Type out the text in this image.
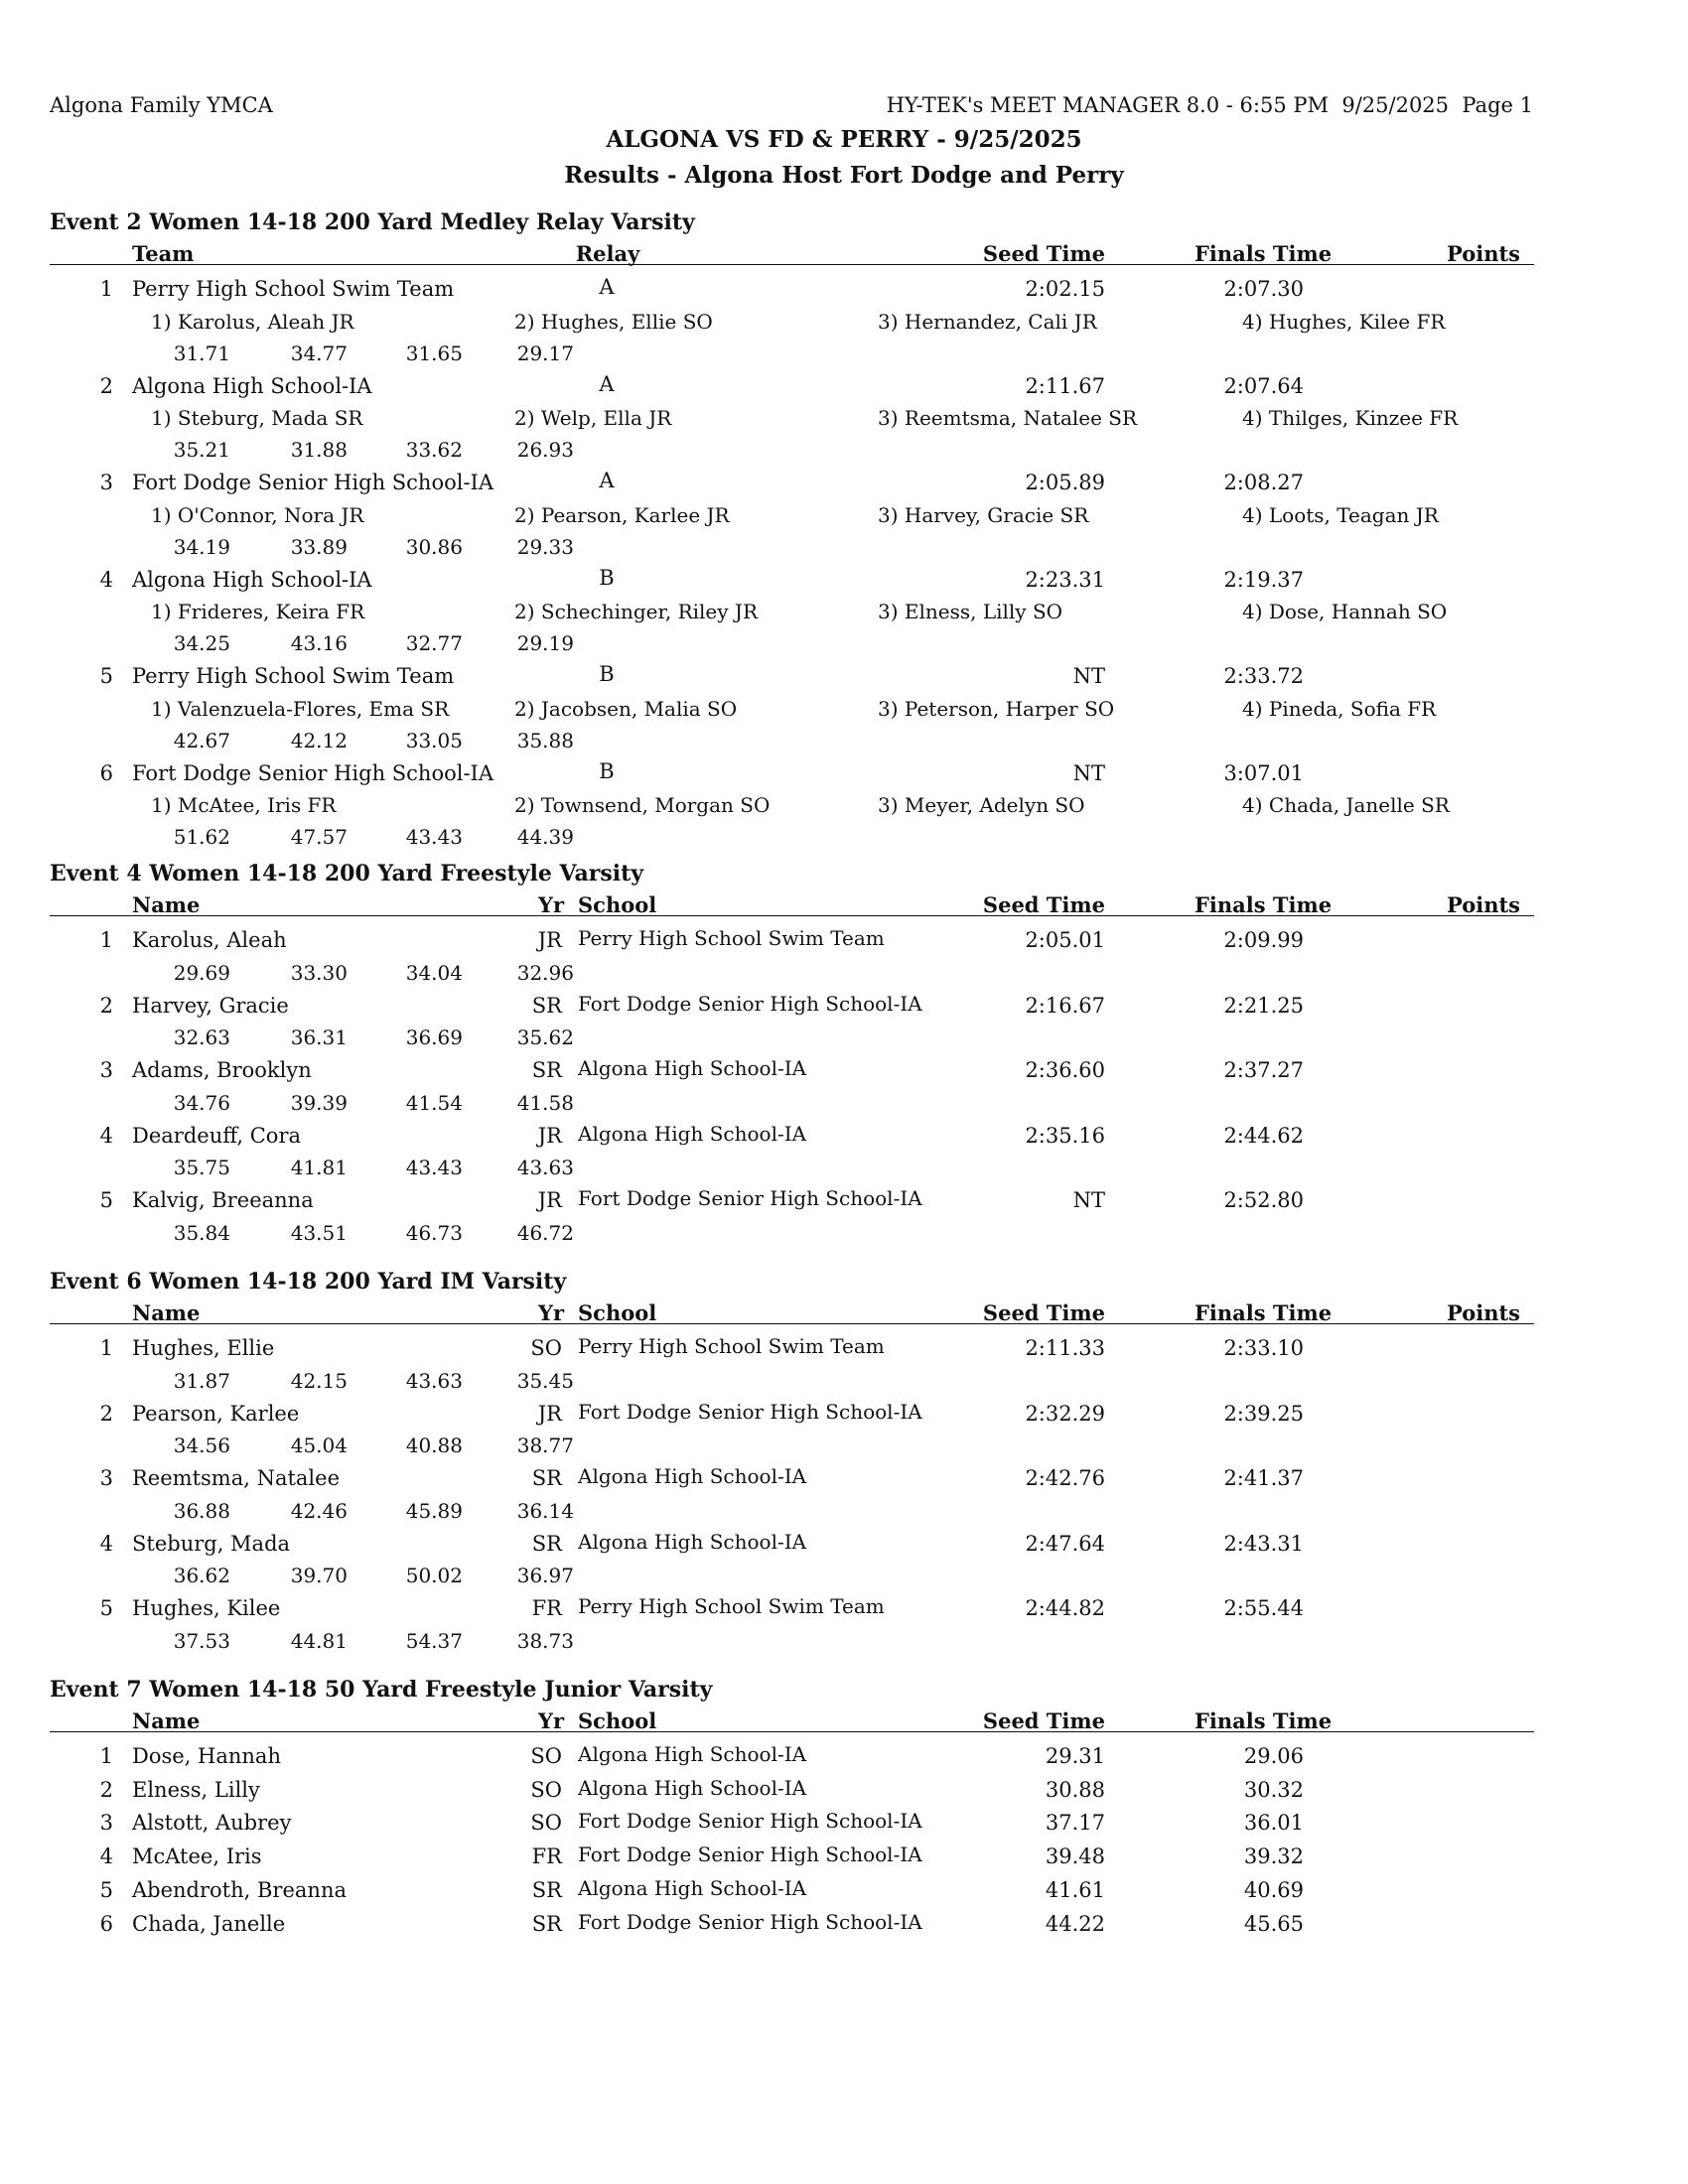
Algona Family YMCA	HY-TEK's MEET MANAGER 8.0 - 6:55 PM  9/25/2025  Page 1
ALGONA VS FD & PERRY - 9/25/2025
Results - Algona Host Fort Dodge and Perry
Event 2 Women 14-18 200 Yard Medley Relay Varsity
Team	Relay	Seed Time	Finals Time	Points
1 Perry High School Swim Team	A	2:02.15	2:07.30
1) Karolus, Aleah JR	2) Hughes, Ellie SO	3) Hernandez, Cali JR	4) Hughes, Kilee FR
31.71	34.77	31.65	29.17
2 Algona High School-IA	A	2:11.67	2:07.64
1) Steburg, Mada SR	2) Welp, Ella JR	3) Reemtsma, Natalee SR	4) Thilges, Kinzee FR
35.21	31.88	33.62	26.93
3 Fort Dodge Senior High School-IA	A	2:05.89	2:08.27
1) O'Connor, Nora JR	2) Pearson, Karlee JR	3) Harvey, Gracie SR	4) Loots, Teagan JR
34.19	33.89	30.86	29.33
4 Algona High School-IA	B	2:23.31	2:19.37
1) Frideres, Keira FR	2) Schechinger, Riley JR	3) Elness, Lilly SO	4) Dose, Hannah SO
34.25	43.16	32.77	29.19
5 Perry High School Swim Team	B	NT	2:33.72
1) Valenzuela-Flores, Ema SR	2) Jacobsen, Malia SO	3) Peterson, Harper SO	4) Pineda, Sofia FR
42.67	42.12	33.05	35.88
6 Fort Dodge Senior High School-IA	B	NT	3:07.01
1) McAtee, Iris FR	2) Townsend, Morgan SO	3) Meyer, Adelyn SO	4) Chada, Janelle SR
51.62	47.57	43.43	44.39
Event 4 Women 14-18 200 Yard Freestyle Varsity
Name	Yr School	Seed Time	Finals Time	Points
1 Karolus, Aleah	JR Perry High School Swim Team	2:05.01	2:09.99
29.69	33.30	34.04	32.96
2 Harvey, Gracie	SR Fort Dodge Senior High School-IA	2:16.67	2:21.25
32.63	36.31	36.69	35.62
3 Adams, Brooklyn	SR Algona High School-IA	2:36.60	2:37.27
34.76	39.39	41.54	41.58
4 Deardeuff, Cora	JR Algona High School-IA	2:35.16	2:44.62
35.75	41.81	43.43	43.63
5 Kalvig, Breeanna	JR Fort Dodge Senior High School-IA	NT	2:52.80
35.84	43.51	46.73	46.72
Event 6 Women 14-18 200 Yard IM Varsity
Name	Yr School	Seed Time	Finals Time	Points
1 Hughes, Ellie	SO Perry High School Swim Team	2:11.33	2:33.10
31.87	42.15	43.63	35.45
2 Pearson, Karlee	JR Fort Dodge Senior High School-IA	2:32.29	2:39.25
34.56	45.04	40.88	38.77
3 Reemtsma, Natalee	SR Algona High School-IA	2:42.76	2:41.37
36.88	42.46	45.89	36.14
4 Steburg, Mada	SR Algona High School-IA	2:47.64	2:43.31
36.62	39.70	50.02	36.97
5 Hughes, Kilee	FR Perry High School Swim Team	2:44.82	2:55.44
37.53	44.81	54.37	38.73
Event 7 Women 14-18 50 Yard Freestyle Junior Varsity
Name	Yr School	Seed Time	Finals Time
1 Dose, Hannah	SO Algona High School-IA	29.31	29.06
2 Elness, Lilly	SO Algona High School-IA	30.88	30.32
3 Alstott, Aubrey	SO Fort Dodge Senior High School-IA	37.17	36.01
4 McAtee, Iris	FR Fort Dodge Senior High School-IA	39.48	39.32
5 Abendroth, Breanna	SR Algona High School-IA	41.61	40.69
6 Chada, Janelle	SR Fort Dodge Senior High School-IA	44.22	45.65
